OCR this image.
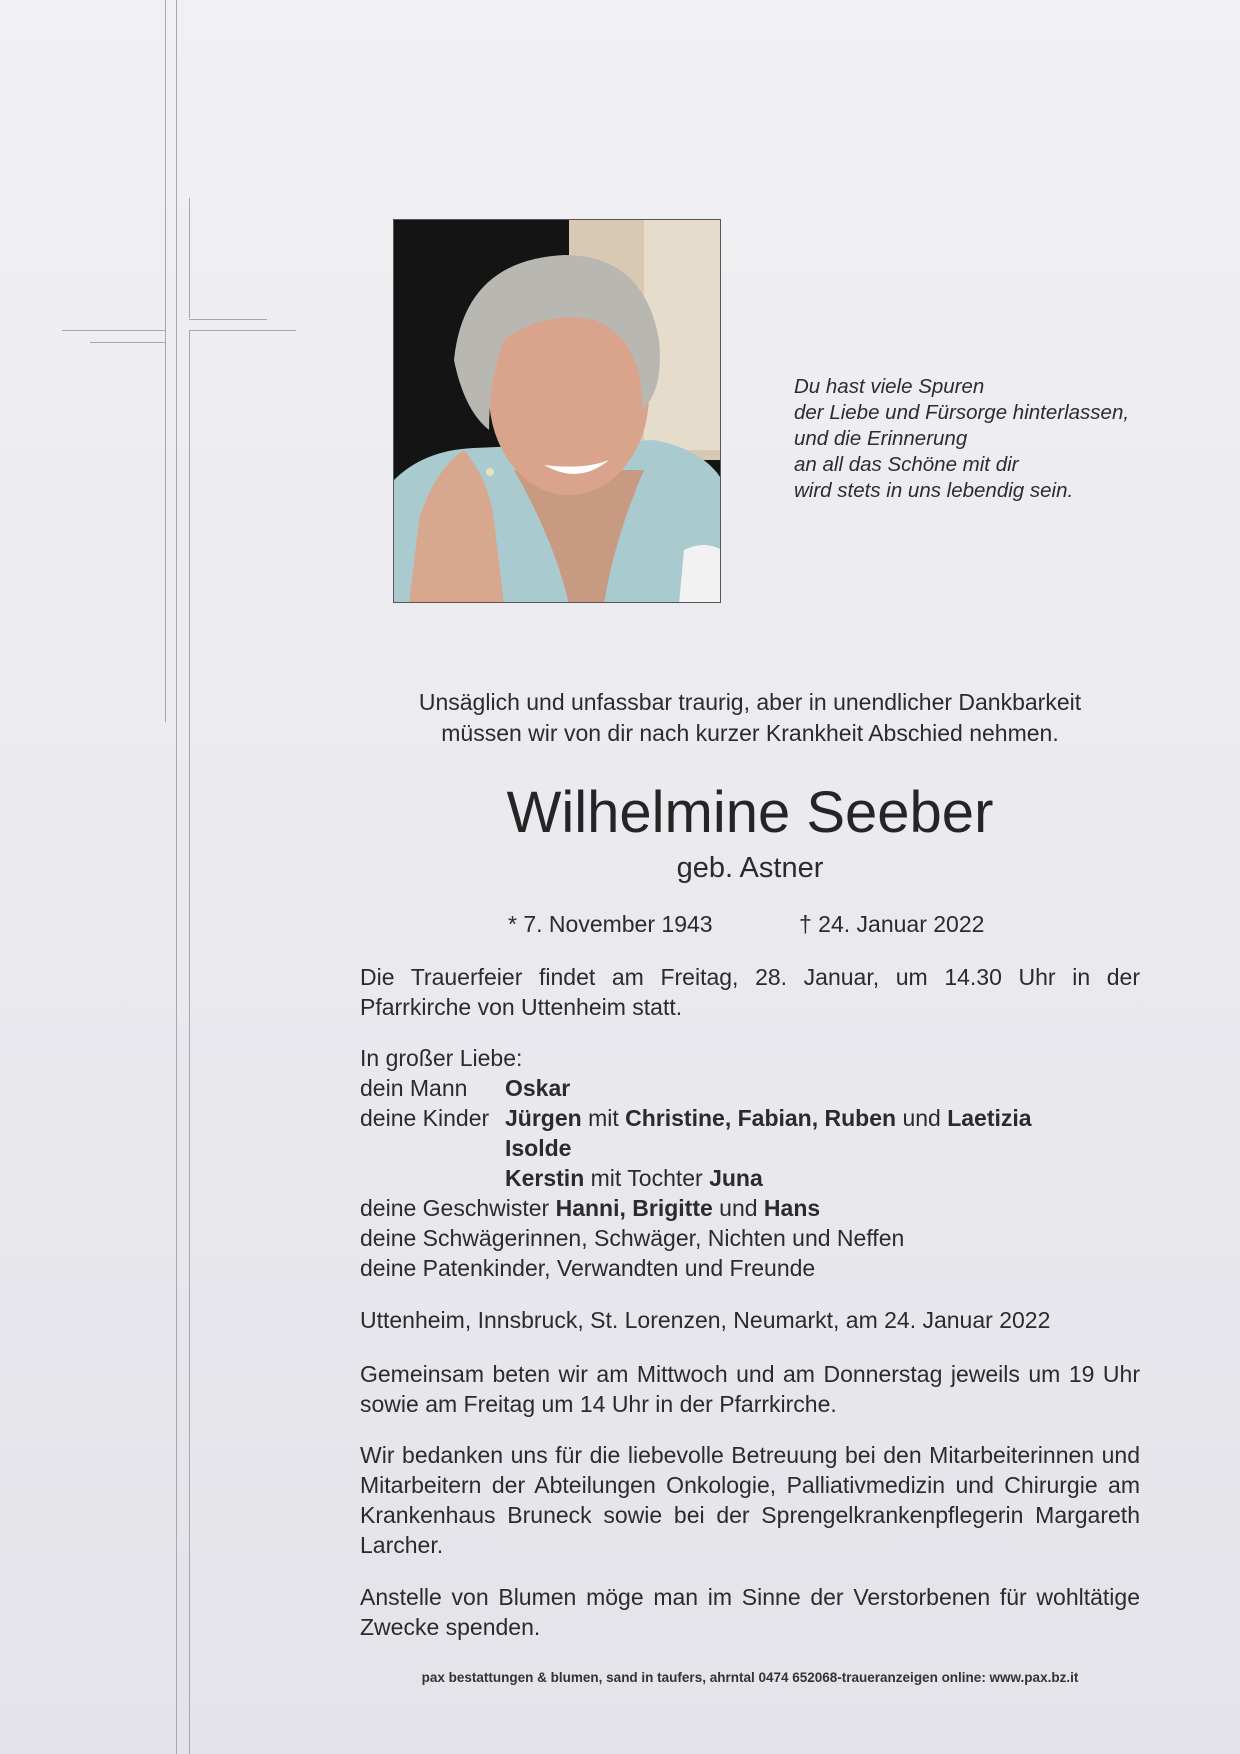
Du hast viele Spuren
der Liebe und Fürsorge hinterlassen,
und die Erinnerung
an all das Schöne mit dir
wird stets in uns lebendig sein.
Unsäglich und unfassbar traurig, aber in unendlicher Dankbarkeit
müssen wir von dir nach kurzer Krankheit Abschied nehmen.
Wilhelmine Seeber
geb. Astner
* 7. November 1943	† 24. Januar 2022
Die Trauerfeier findet am Freitag, 28. Januar, um 14.30 Uhr in der Pfarrkirche von Uttenheim statt.
In großer Liebe:
dein Mann Oskar
deine Kinder Jürgen mit Christine, Fabian, Ruben und Laetizia
Isolde
Kerstin mit Tochter Juna
deine Geschwister Hanni, Brigitte und Hans
deine Schwägerinnen, Schwäger, Nichten und Neffen
deine Patenkinder, Verwandten und Freunde
Uttenheim, Innsbruck, St. Lorenzen, Neumarkt, am 24. Januar 2022
Gemeinsam beten wir am Mittwoch und am Donnerstag jeweils um 19 Uhr sowie am Freitag um 14 Uhr in der Pfarrkirche.
Wir bedanken uns für die liebevolle Betreuung bei den Mitarbeiterinnen und Mitarbeitern der Abteilungen Onkologie, Palliativmedizin und Chirurgie am Krankenhaus Bruneck sowie bei der Sprengelkrankenpflegerin Margareth Larcher.
Anstelle von Blumen möge man im Sinne der Verstorbenen für wohltätige Zwecke spenden.
pax bestattungen & blumen, sand in taufers, ahrntal 0474 652068-traueranzeigen online: www.pax.bz.it
